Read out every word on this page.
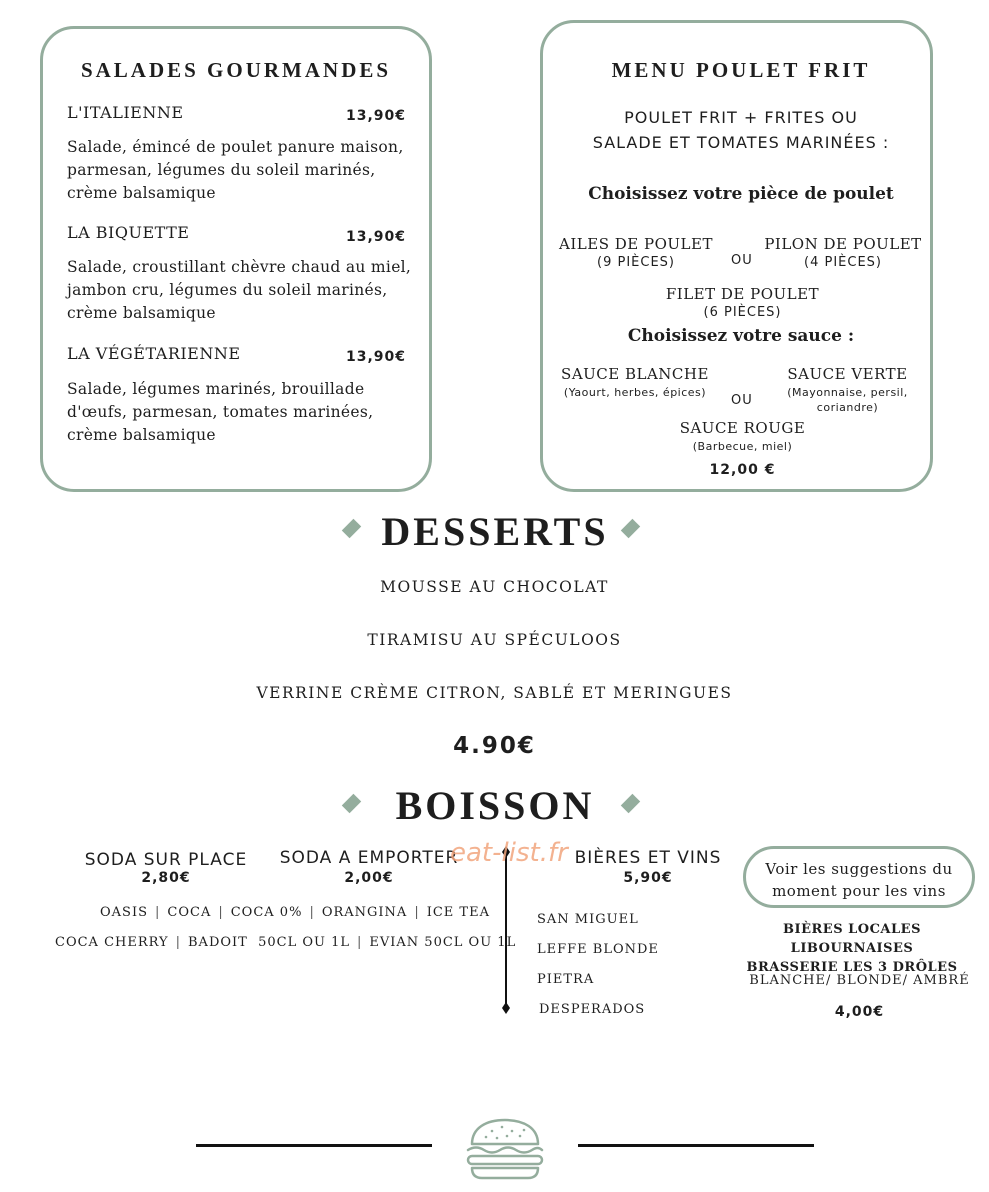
SALADES GOURMANDES
L'ITALIENNE	13,90€
Salade, émincé de poulet panure maison,
parmesan, légumes du soleil marinés,
crème balsamique
LA BIQUETTE	13,90€
Salade, croustillant chèvre chaud au miel,
jambon cru, légumes du soleil marinés,
crème balsamique
LA VÉGÉTARIENNE	13,90€
Salade, légumes marinés, brouillade
d'œufs, parmesan, tomates marinées,
crème balsamique
MENU POULET FRIT
POULET FRIT + FRITES OU
SALADE ET TOMATES MARINÉES :
Choisissez votre pièce de poulet
AILES DE POULET
(9 PIÈCES)	OU
PILON DE POULET
(4 PIÈCES)
FILET DE POULET
(6 PIÈCES)
Choisissez votre sauce :
SAUCE BLANCHE
(Yaourt, herbes, épices)
OU
SAUCE VERTE
(Mayonnaise, persil,
coriandre)
SAUCE ROUGE
(Barbecue, miel)
12,00 €
DESSERTS
MOUSSE AU CHOCOLAT
TIRAMISU AU SPÉCULOOS
VERRINE CRÈME CITRON, SABLÉ ET MERINGUES
4.90€
BOISSON
SODA SUR PLACE
2,80€
SODA A EMPORTER
2,00€
OASIS | COCA | COCA 0% | ORANGINA | ICE TEA
COCA CHERRY | BADOIT  50CL OU 1L | EVIAN 50CL OU 1L
eat-list.fr BIÈRES ET VINS
5,90€
SAN MIGUEL
LEFFE BLONDE
PIETRA
DESPERADOS
Voir les suggestions du
moment pour les vins
BIÈRES LOCALES LIBOURNAISES
BRASSERIE LES 3 DRÔLES
BLANCHE/ BLONDE/ AMBRÉ
4,00€
